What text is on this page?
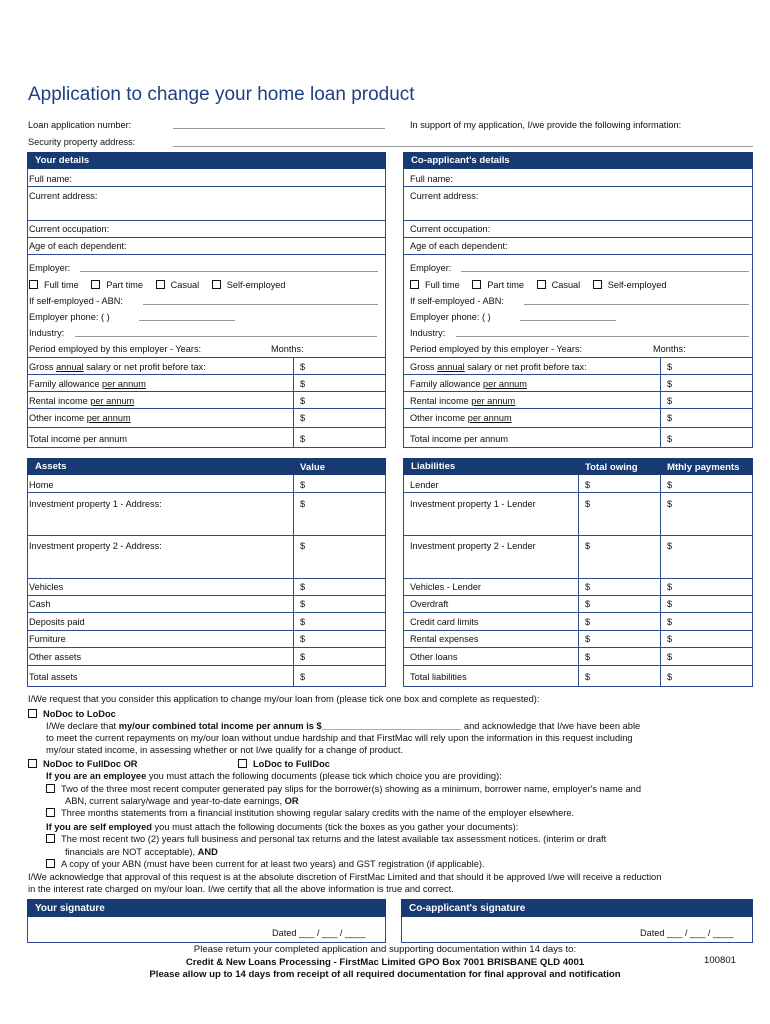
Application to change your home loan product
Loan application number:	In support of my application, I/we provide the following information:
Security property address:
Your details
Full name:
Current address:
Current occupation:
Age of each dependent:
Employer:
Full time	Part time	Casual	Self-employed
If self-employed - ABN:
Employer phone: ( )
Industry:
Period employed by this employer - Years:	Months:
Gross annual salary or net profit before tax:	$
Family allowance per annum	$
Rental income per annum	$
Other income per annum	$
Total income per annum	$
Co-applicant's details
Full name:
Current address:
Current occupation:
Age of each dependent:
Employer:
Full time	Part time	Casual	Self-employed
If self-employed - ABN:
Employer phone: ( )
Industry:
Period employed by this employer - Years:	Months:
Gross annual salary or net profit before tax:	$
Family allowance per annum	$
Rental income per annum	$
Other income per annum	$
Total income per annum	$
Assets	Value
Home	$
Investment property 1 - Address:	$
Investment property 2 - Address:	$
Vehicles	$
Cash	$
Deposits paid	$
Furniture	$
Other assets	$
Total assets	$
Liabilities	Total owing	Mthly payments
Lender	$	$
Investment property 1 - Lender	$	$
Investment property 2 - Lender	$	$
Vehicles - Lender	$	$
Overdraft	$	$
Credit card limits	$	$
Rental expenses	$	$
Other loans	$	$
Total liabilities	$	$
I/We request that you consider this application to change my/our loan from (please tick one box and complete as requested):
NoDoc to LoDoc
I/We declare that my/our combined total income per annum is $___________________________ and acknowledge that I/we have been able
to meet the current repayments on my/our loan without undue hardship and that FirstMac will rely upon the information in this request including
my/our stated income, in assessing whether or not I/we qualify for a change of product.
NoDoc to FullDoc OR	LoDoc to FullDoc
If you are an employee you must attach the following documents (please tick which choice you are providing):
Two of the three most recent computer generated pay slips for the borrower(s) showing as a minimum, borrower name, employer's name and
ABN, current salary/wage and year-to-date earnings, OR
Three months statements from a financial institution showing regular salary credits with the name of the employer elsewhere.
If you are self employed you must attach the following documents (tick the boxes as you gather your documents):
The most recent two (2) years full business and personal tax returns and the latest available tax assessment notices. (interim or draft
financials are NOT acceptable), AND
A copy of your ABN (must have been current for at least two years) and GST registration (if applicable).
I/We acknowledge that approval of this request is at the absolute discretion of FirstMac Limited and that should it be approved I/we will receive a reduction
in the interest rate charged on my/our loan. I/we certify that all the above information is true and correct.
Your signature
Dated ___ / ___ / ____
Co-applicant's signature
Dated ___ / ___ / ____
Please return your completed application and supporting documentation within 14 days to:
Credit & New Loans Processing - FirstMac Limited GPO Box 7001 BRISBANE QLD 4001
Please allow up to 14 days from receipt of all required documentation for final approval and notification
100801
